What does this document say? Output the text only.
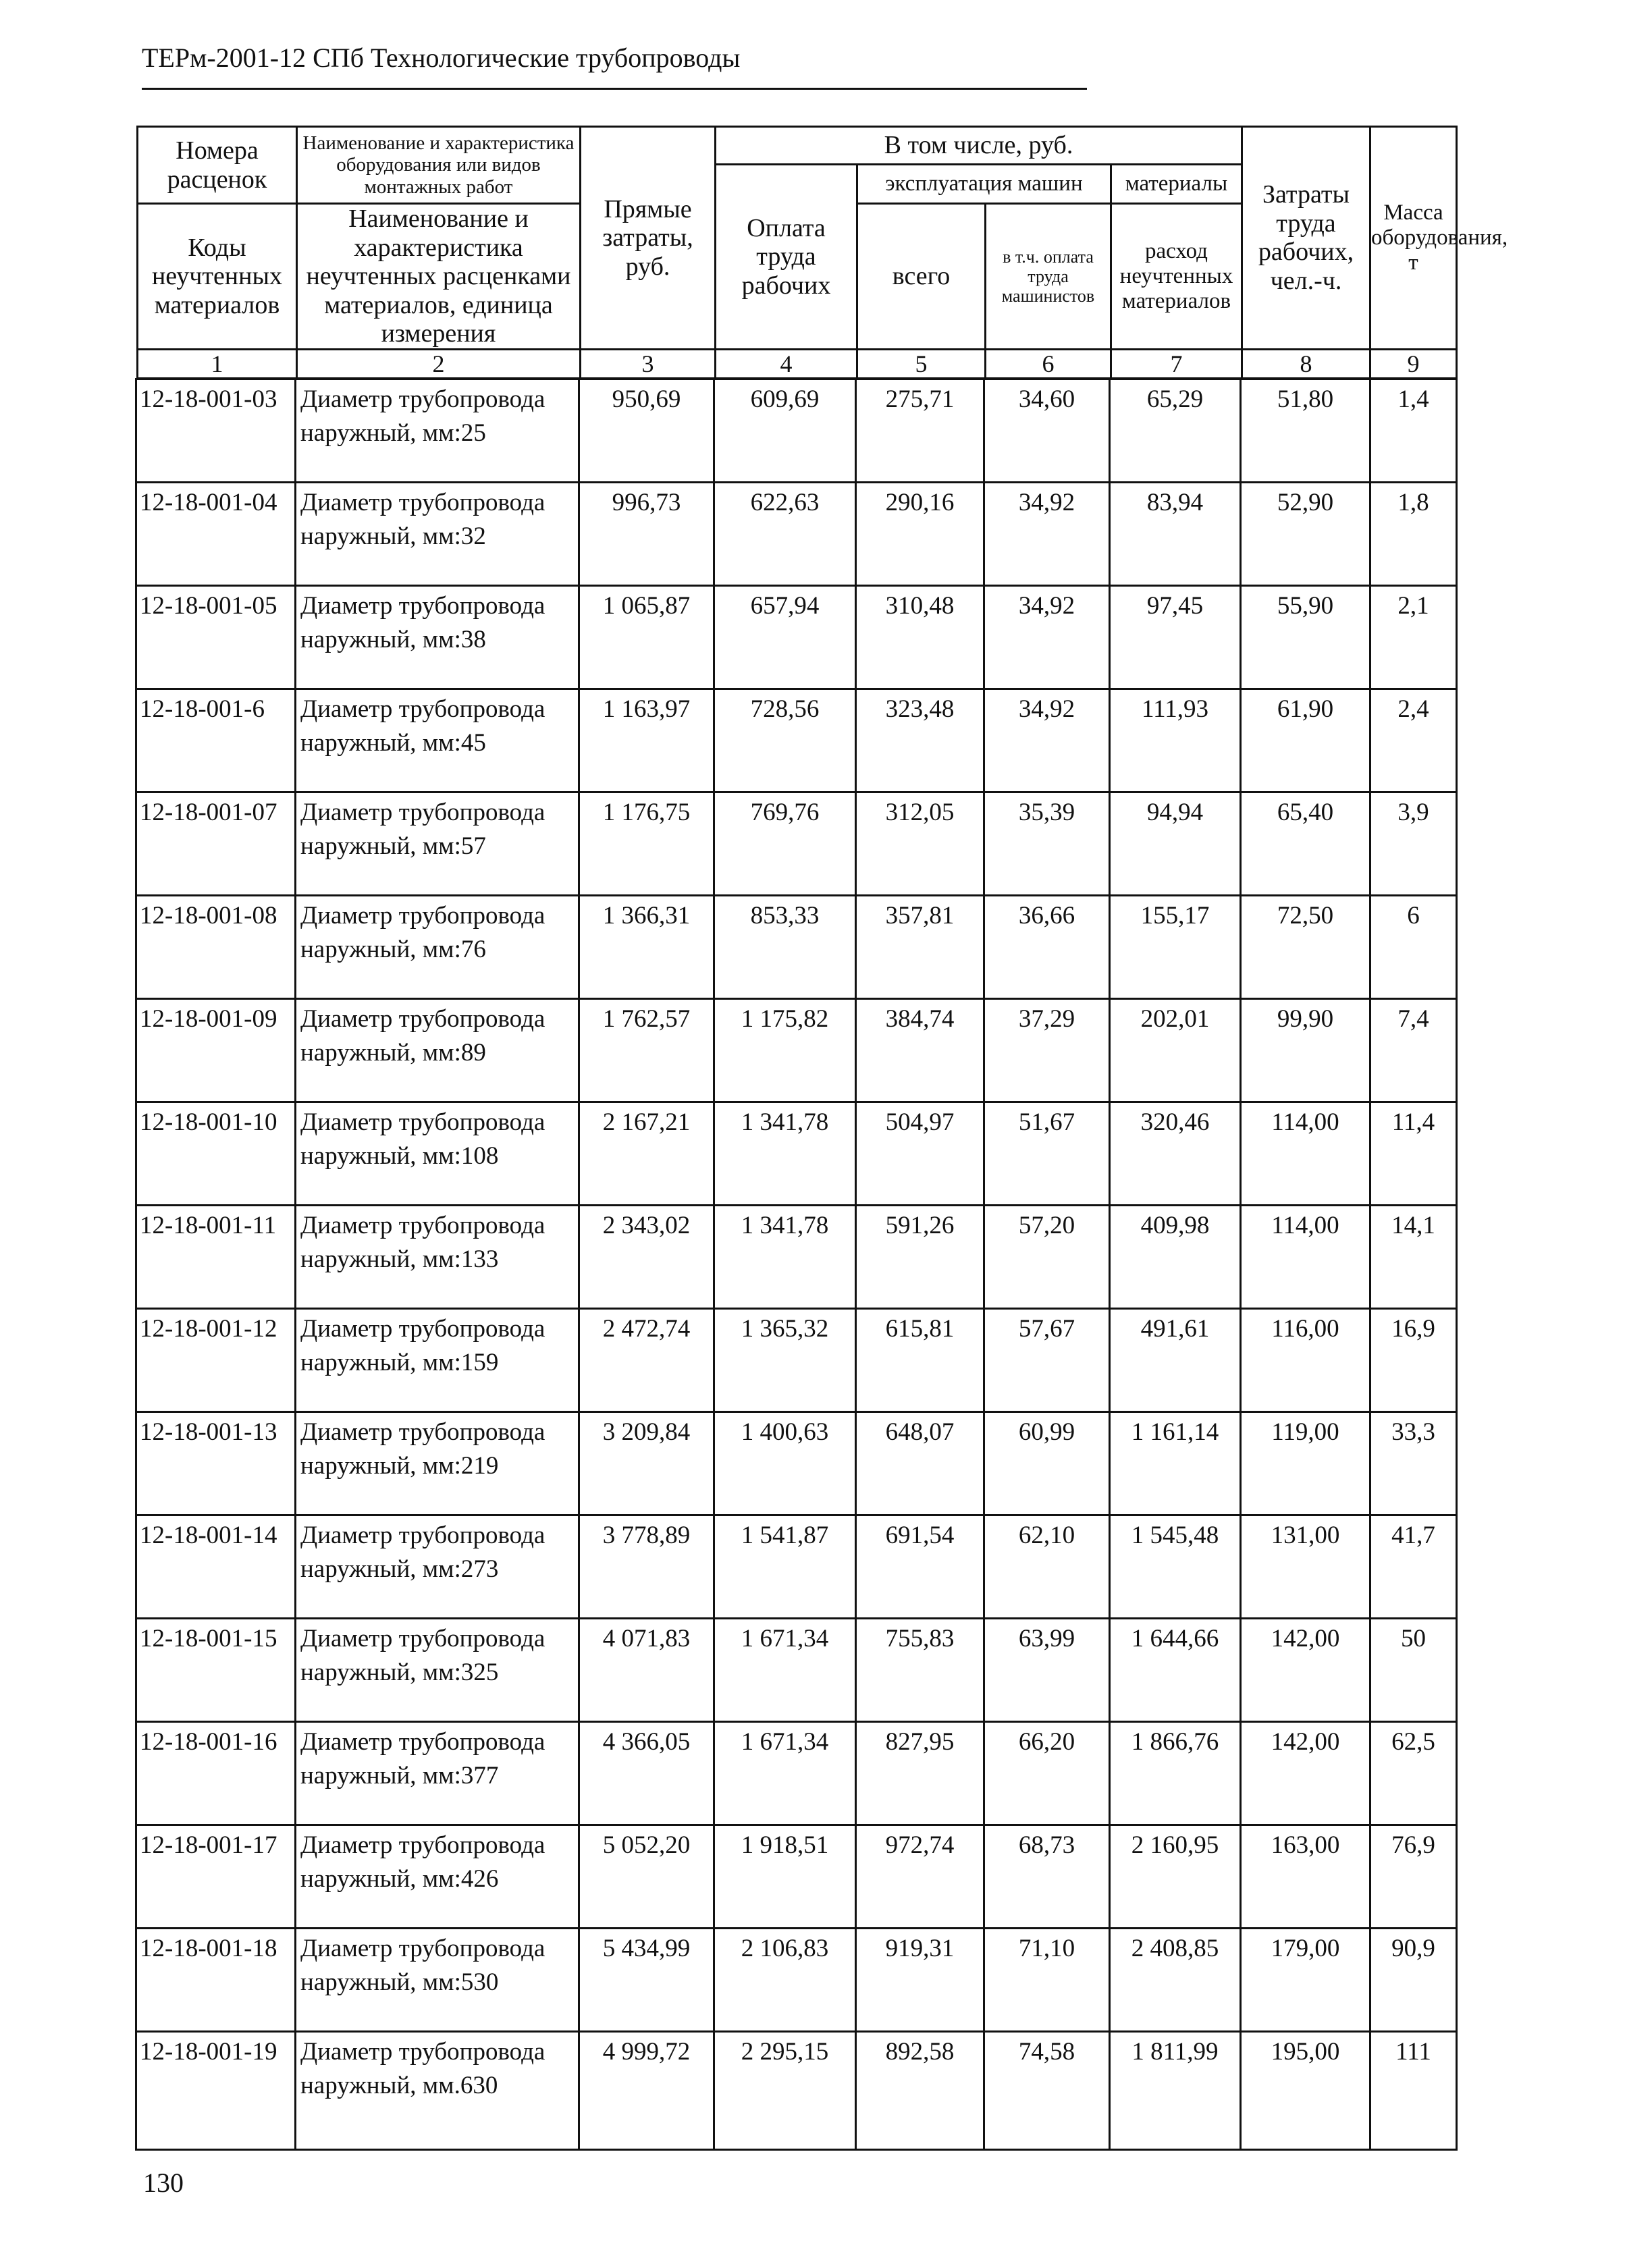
ТЕРм-2001-12 СПб Технологические трубопроводы
Номера расценок	Наименование и характеристика оборудования или видов монтажных работ	Прямые затраты, руб.	В том числе, руб.				Затраты труда рабочих, чел.-ч.	Масса оборудования, т
			Оплата труда рабочих	эксплуатация машин		материалы		
				всего	в т.ч. оплата труда машинистов	расход неучтенных материалов		

Коды неучтенных материалов	Наименование и характеристика неучтенных расценками материалов, единица измерения							

1	2	3	4	5	6	7	8	9
12-18-001-03	Диаметр трубопровода наружный, мм:25	950,69	609,69	275,71	34,60	65,29	51,80	1,4
12-18-001-04	Диаметр трубопровода наружный, мм:32	996,73	622,63	290,16	34,92	83,94	52,90	1,8
12-18-001-05	Диаметр трубопровода наружный, мм:38	1 065,87	657,94	310,48	34,92	97,45	55,90	2,1
12-18-001-6	Диаметр трубопровода наружный, мм:45	1 163,97	728,56	323,48	34,92	111,93	61,90	2,4
12-18-001-07	Диаметр трубопровода наружный, мм:57	1 176,75	769,76	312,05	35,39	94,94	65,40	3,9
12-18-001-08	Диаметр трубопровода наружный, мм:76	1 366,31	853,33	357,81	36,66	155,17	72,50	6
12-18-001-09	Диаметр трубопровода наружный, мм:89	1 762,57	1 175,82	384,74	37,29	202,01	99,90	7,4
12-18-001-10	Диаметр трубопровода наружный, мм:108	2 167,21	1 341,78	504,97	51,67	320,46	114,00	11,4
12-18-001-11	Диаметр трубопровода наружный, мм:133	2 343,02	1 341,78	591,26	57,20	409,98	114,00	14,1
12-18-001-12	Диаметр трубопровода наружный, мм:159	2 472,74	1 365,32	615,81	57,67	491,61	116,00	16,9
12-18-001-13	Диаметр трубопровода наружный, мм:219	3 209,84	1 400,63	648,07	60,99	1 161,14	119,00	33,3
12-18-001-14	Диаметр трубопровода наружный, мм:273	3 778,89	1 541,87	691,54	62,10	1 545,48	131,00	41,7
12-18-001-15	Диаметр трубопровода наружный, мм:325	4 071,83	1 671,34	755,83	63,99	1 644,66	142,00	50
12-18-001-16	Диаметр трубопровода наружный, мм:377	4 366,05	1 671,34	827,95	66,20	1 866,76	142,00	62,5
12-18-001-17	Диаметр трубопровода наружный, мм:426	5 052,20	1 918,51	972,74	68,73	2 160,95	163,00	76,9
12-18-001-18	Диаметр трубопровода наружный, мм:530	5 434,99	2 106,83	919,31	71,10	2 408,85	179,00	90,9
12-18-001-19	Диаметр трубопровода наружный, мм.630	4 999,72	2 295,15	892,58	74,58	1 811,99	195,00	111
130
